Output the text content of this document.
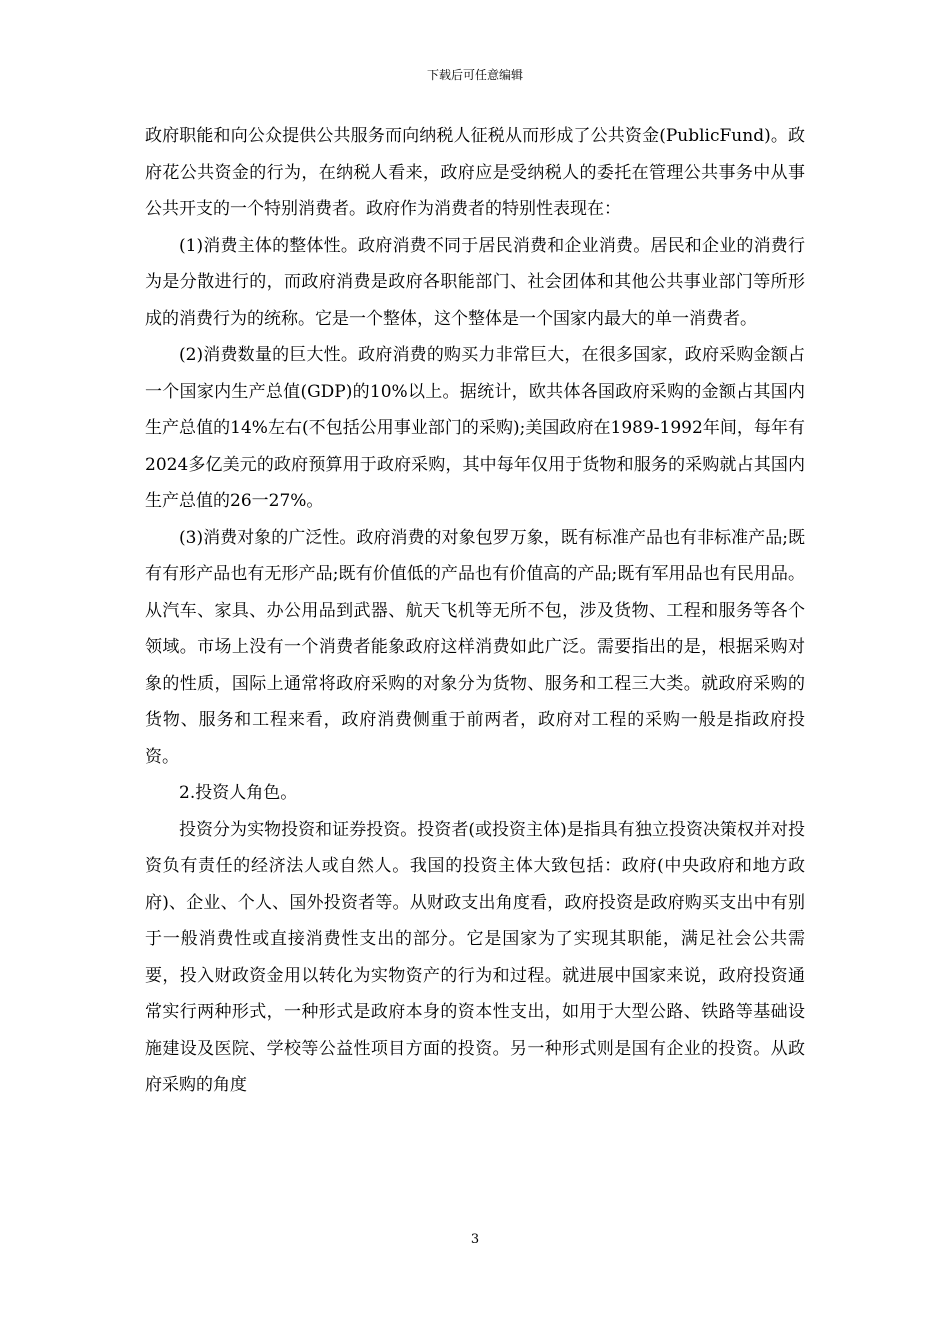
下载后可任意编辑

政府职能和向公众提供公共服务而向纳税人征税从而形成了公共资金(PublicFund)。政府花公共资金的行为，在纳税人看来，政府应是受纳税人的委托在管理公共事务中从事公共开支的一个特别消费者。政府作为消费者的特别性表现在：

(1)消费主体的整体性。政府消费不同于居民消费和企业消费。居民和企业的消费行为是分散进行的，而政府消费是政府各职能部门、社会团体和其他公共事业部门等所形成的消费行为的统称。它是一个整体，这个整体是一个国家内最大的单一消费者。

(2)消费数量的巨大性。政府消费的购买力非常巨大，在很多国家，政府采购金额占一个国家内生产总值(GDP)的10%以上。据统计，欧共体各国政府采购的金额占其国内生产总值的14%左右(不包括公用事业部门的采购);美国政府在1989-1992年间，每年有2024多亿美元的政府预算用于政府采购，其中每年仅用于货物和服务的采购就占其国内生产总值的26一27%。

(3)消费对象的广泛性。政府消费的对象包罗万象，既有标准产品也有非标准产品;既有有形产品也有无形产品;既有价值低的产品也有价值高的产品;既有军用品也有民用品。从汽车、家具、办公用品到武器、航天飞机等无所不包，涉及货物、工程和服务等各个领域。市场上没有一个消费者能象政府这样消费如此广泛。需要指出的是，根据采购对象的性质，国际上通常将政府采购的对象分为货物、服务和工程三大类。就政府采购的货物、服务和工程来看，政府消费侧重于前两者，政府对工程的采购一般是指政府投资。

2.投资人角色。

投资分为实物投资和证券投资。投资者(或投资主体)是指具有独立投资决策权并对投资负有责任的经济法人或自然人。我国的投资主体大致包括：政府(中央政府和地方政府)、企业、个人、国外投资者等。从财政支出角度看，政府投资是政府购买支出中有别于一般消费性或直接消费性支出的部分。它是国家为了实现其职能，满足社会公共需要，投入财政资金用以转化为实物资产的行为和过程。就进展中国家来说，政府投资通常实行两种形式，一种形式是政府本身的资本性支出，如用于大型公路、铁路等基础设施建设及医院、学校等公益性项目方面的投资。另一种形式则是国有企业的投资。从政府采购的角度

3
